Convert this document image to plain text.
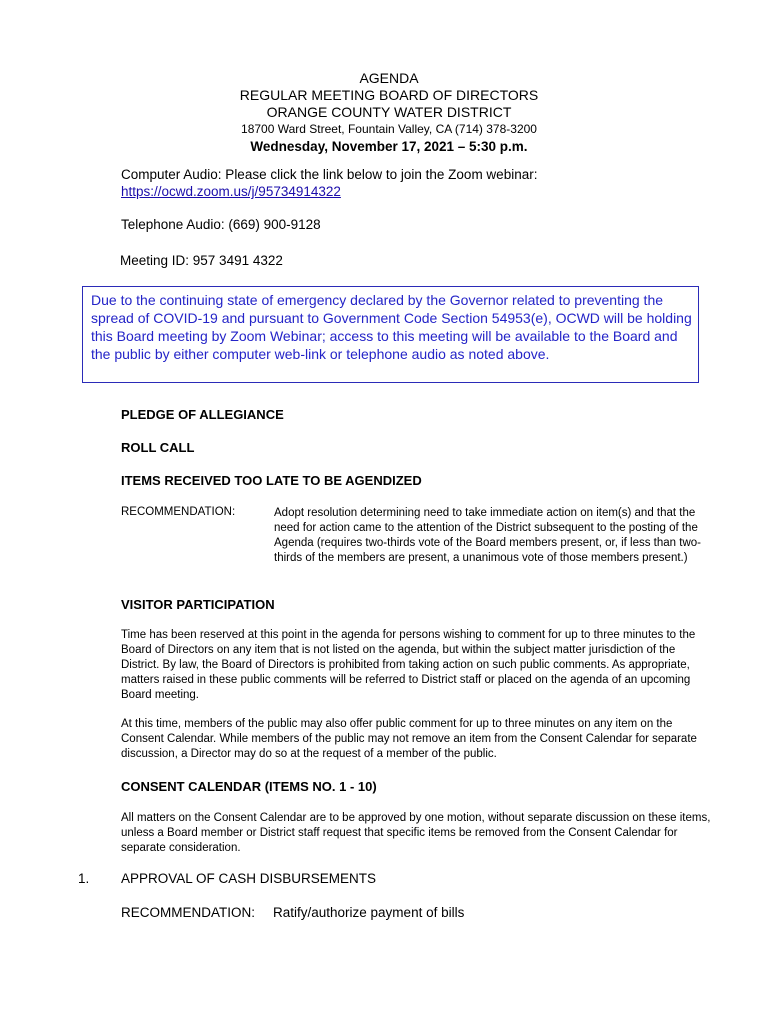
AGENDA
REGULAR MEETING BOARD OF DIRECTORS
ORANGE COUNTY WATER DISTRICT
18700 Ward Street, Fountain Valley, CA (714) 378-3200
Wednesday, November 17, 2021 – 5:30 p.m.
Computer Audio: Please click the link below to join the Zoom webinar:
https://ocwd.zoom.us/j/95734914322
Telephone Audio: (669) 900-9128
Meeting ID: 957 3491 4322
Due to the continuing state of emergency declared by the Governor related to preventing the spread of COVID-19 and pursuant to Government Code Section 54953(e), OCWD will be holding this Board meeting by Zoom Webinar; access to this meeting will be available to the Board and the public by either computer web-link or telephone audio as noted above.
PLEDGE OF ALLEGIANCE
ROLL CALL
ITEMS RECEIVED TOO LATE TO BE AGENDIZED
RECOMMENDATION:	Adopt resolution determining need to take immediate action on item(s) and that the need for action came to the attention of the District subsequent to the posting of the Agenda (requires two-thirds vote of the Board members present, or, if less than two-thirds of the members are present, a unanimous vote of those members present.)
VISITOR PARTICIPATION
Time has been reserved at this point in the agenda for persons wishing to comment for up to three minutes to the Board of Directors on any item that is not listed on the agenda, but within the subject matter jurisdiction of the District. By law, the Board of Directors is prohibited from taking action on such public comments. As appropriate, matters raised in these public comments will be referred to District staff or placed on the agenda of an upcoming Board meeting.
At this time, members of the public may also offer public comment for up to three minutes on any item on the Consent Calendar. While members of the public may not remove an item from the Consent Calendar for separate discussion, a Director may do so at the request of a member of the public.
CONSENT CALENDAR (ITEMS NO. 1 - 10)
All matters on the Consent Calendar are to be approved by one motion, without separate discussion on these items, unless a Board member or District staff request that specific items be removed from the Consent Calendar for separate consideration.
1. APPROVAL OF CASH DISBURSEMENTS
RECOMMENDATION: Ratify/authorize payment of bills
